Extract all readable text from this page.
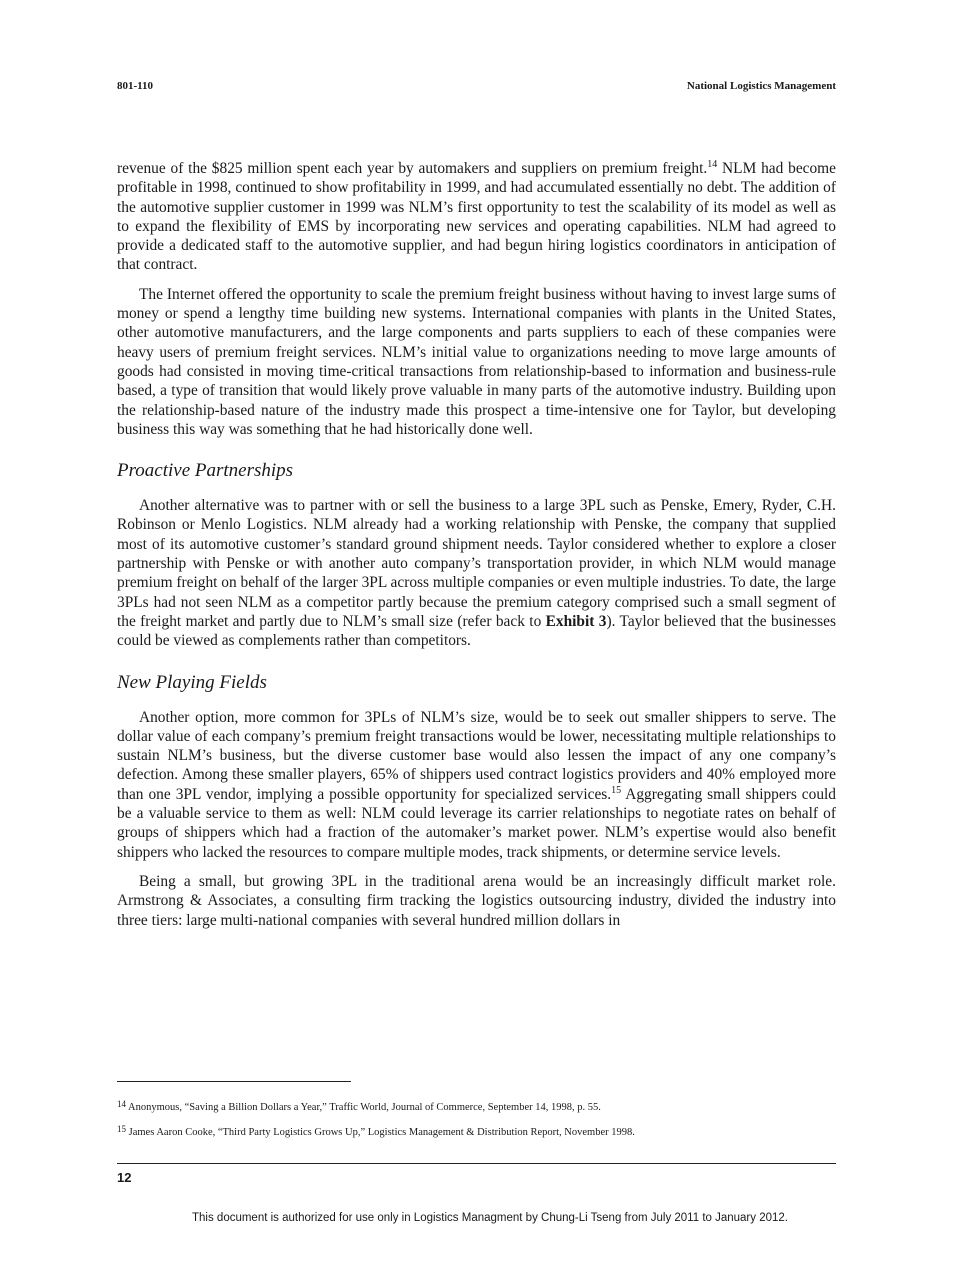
801-110	National Logistics Management

revenue of the $825 million spent each year by automakers and suppliers on premium freight.$^{14}$ NLM had become profitable in 1998, continued to show profitability in 1999, and had accumulated essentially no debt. The addition of the automotive supplier customer in 1999 was NLM’s first opportunity to test the scalability of its model as well as to expand the flexibility of EMS by incorporating new services and operating capabilities. NLM had agreed to provide a dedicated staff to the automotive supplier, and had begun hiring logistics coordinators in anticipation of that contract.

The Internet offered the opportunity to scale the premium freight business without having to invest large sums of money or spend a lengthy time building new systems. International companies with plants in the United States, other automotive manufacturers, and the large components and parts suppliers to each of these companies were heavy users of premium freight services. NLM’s initial value to organizations needing to move large amounts of goods had consisted in moving time-critical transactions from relationship-based to information and business-rule based, a type of transition that would likely prove valuable in many parts of the automotive industry. Building upon the relationship-based nature of the industry made this prospect a time-intensive one for Taylor, but developing business this way was something that he had historically done well.

Proactive Partnerships

Another alternative was to partner with or sell the business to a large 3PL such as Penske, Emery, Ryder, C.H. Robinson or Menlo Logistics. NLM already had a working relationship with Penske, the company that supplied most of its automotive customer’s standard ground shipment needs. Taylor considered whether to explore a closer partnership with Penske or with another auto company’s transportation provider, in which NLM would manage premium freight on behalf of the larger 3PL across multiple companies or even multiple industries. To date, the large 3PLs had not seen NLM as a competitor partly because the premium category comprised such a small segment of the freight market and partly due to NLM’s small size (refer back to Exhibit 3). Taylor believed that the businesses could be viewed as complements rather than competitors.

New Playing Fields

Another option, more common for 3PLs of NLM’s size, would be to seek out smaller shippers to serve. The dollar value of each company’s premium freight transactions would be lower, necessitating multiple relationships to sustain NLM’s business, but the diverse customer base would also lessen the impact of any one company’s defection. Among these smaller players, 65% of shippers used contract logistics providers and 40% employed more than one 3PL vendor, implying a possible opportunity for specialized services.$^{15}$ Aggregating small shippers could be a valuable service to them as well: NLM could leverage its carrier relationships to negotiate rates on behalf of groups of shippers which had a fraction of the automaker’s market power. NLM’s expertise would also benefit shippers who lacked the resources to compare multiple modes, track shipments, or determine service levels.

Being a small, but growing 3PL in the traditional arena would be an increasingly difficult market role. Armstrong & Associates, a consulting firm tracking the logistics outsourcing industry, divided the industry into three tiers: large multi-national companies with several hundred million dollars in

$^{14}$ Anonymous, “Saving a Billion Dollars a Year,” Traffic World, Journal of Commerce, September 14, 1998, p. 55.
$^{15}$ James Aaron Cooke, “Third Party Logistics Grows Up,” Logistics Management & Distribution Report, November 1998.
12
This document is authorized for use only in Logistics Managment by Chung-Li Tseng from July 2011 to January 2012.
